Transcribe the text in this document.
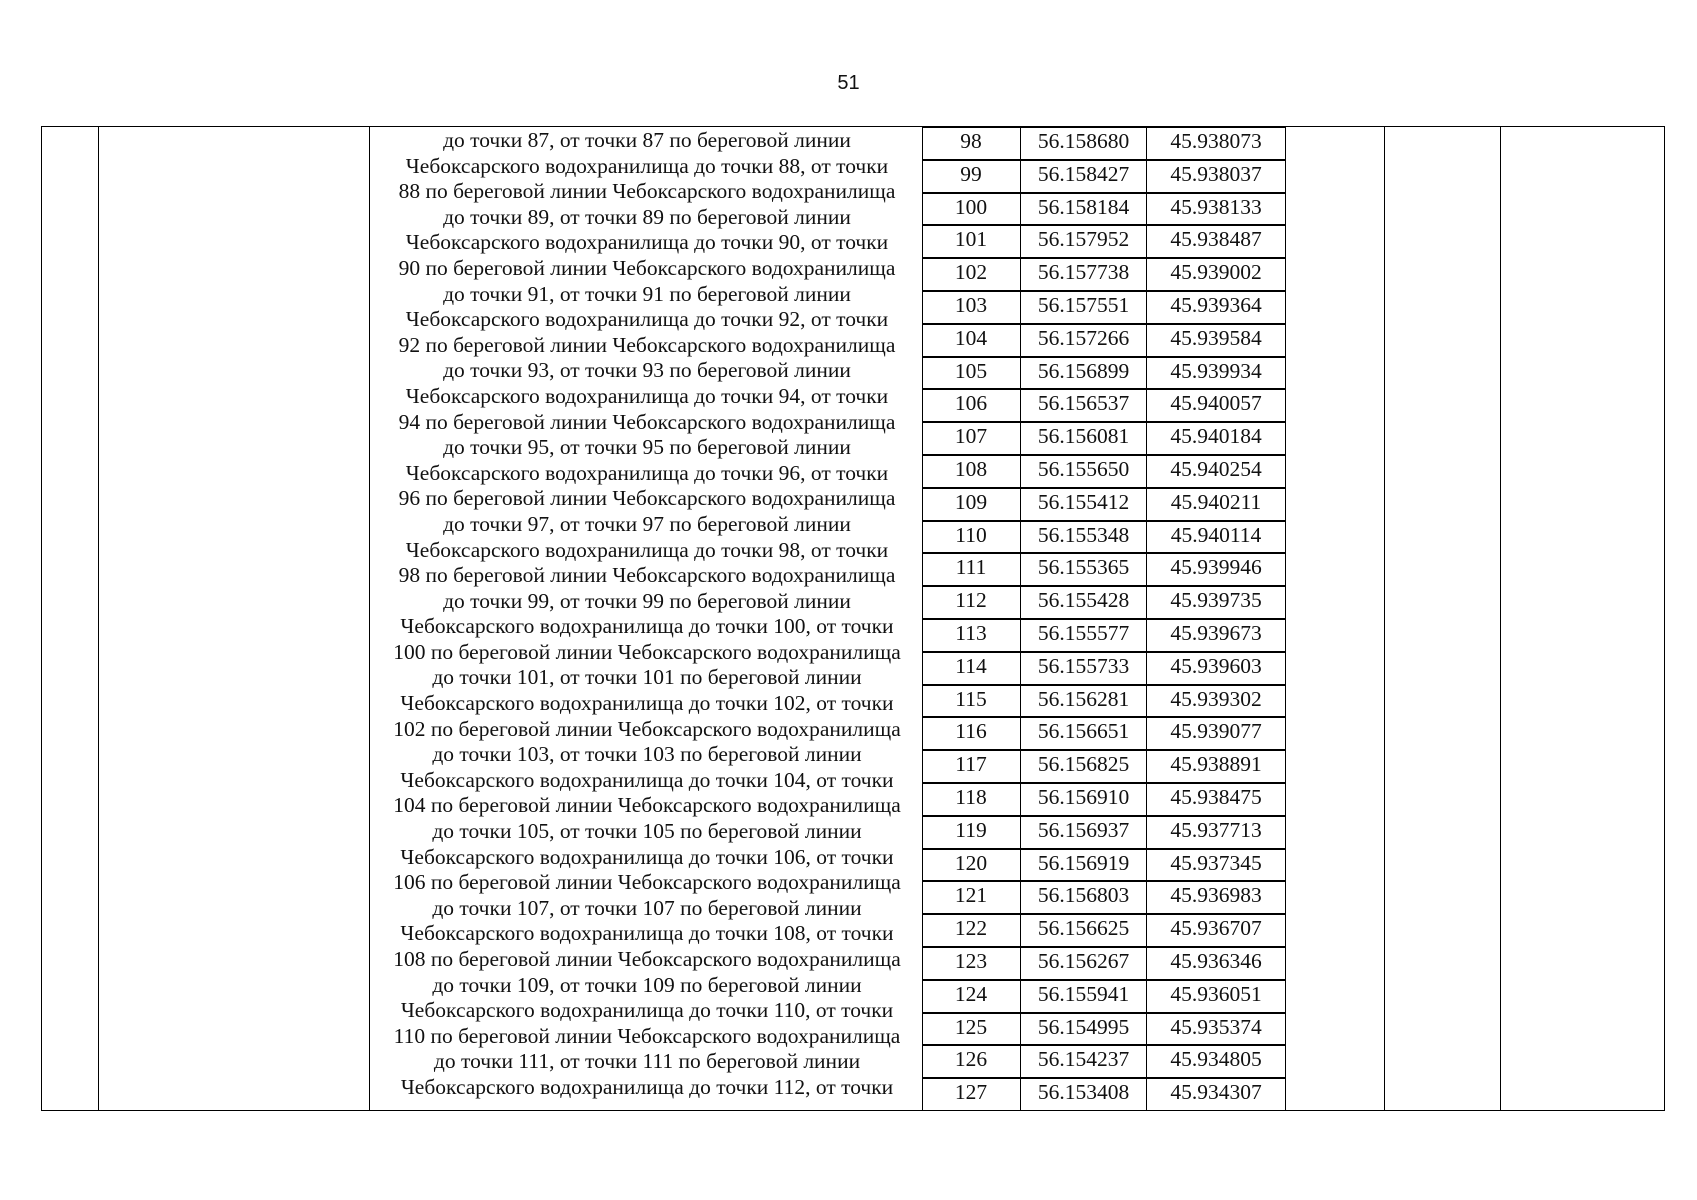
51
до точки 87, от точки 87 по береговой линии
Чебоксарского водохранилища до точки 88, от точки
88 по береговой линии Чебоксарского водохранилища
до точки 89, от точки 89 по береговой линии
Чебоксарского водохранилища до точки 90, от точки
90 по береговой линии Чебоксарского водохранилища
до точки 91, от точки 91 по береговой линии
Чебоксарского водохранилища до точки 92, от точки
92 по береговой линии Чебоксарского водохранилища
до точки 93, от точки 93 по береговой линии
Чебоксарского водохранилища до точки 94, от точки
94 по береговой линии Чебоксарского водохранилища
до точки 95, от точки 95 по береговой линии
Чебоксарского водохранилища до точки 96, от точки
96 по береговой линии Чебоксарского водохранилища
до точки 97, от точки 97 по береговой линии
Чебоксарского водохранилища до точки 98, от точки
98 по береговой линии Чебоксарского водохранилища
до точки 99, от точки 99 по береговой линии
Чебоксарского водохранилища до точки 100, от точки
100 по береговой линии Чебоксарского водохранилища
до точки 101, от точки 101 по береговой линии
Чебоксарского водохранилища до точки 102, от точки
102 по береговой линии Чебоксарского водохранилища
до точки 103, от точки 103 по береговой линии
Чебоксарского водохранилища до точки 104, от точки
104 по береговой линии Чебоксарского водохранилища
до точки 105, от точки 105 по береговой линии
Чебоксарского водохранилища до точки 106, от точки
106 по береговой линии Чебоксарского водохранилища
до точки 107, от точки 107 по береговой линии
Чебоксарского водохранилища до точки 108, от точки
108 по береговой линии Чебоксарского водохранилища
до точки 109, от точки 109 по береговой линии
Чебоксарского водохранилища до точки 110, от точки
110 по береговой линии Чебоксарского водохранилища
до точки 111, от точки 111 по береговой линии
Чебоксарского водохранилища до точки 112, от точки
98	56.158680	45.938073
99	56.158427	45.938037
100	56.158184	45.938133
101	56.157952	45.938487
102	56.157738	45.939002
103	56.157551	45.939364
104	56.157266	45.939584
105	56.156899	45.939934
106	56.156537	45.940057
107	56.156081	45.940184
108	56.155650	45.940254
109	56.155412	45.940211
110	56.155348	45.940114
111	56.155365	45.939946
112	56.155428	45.939735
113	56.155577	45.939673
114	56.155733	45.939603
115	56.156281	45.939302
116	56.156651	45.939077
117	56.156825	45.938891
118	56.156910	45.938475
119	56.156937	45.937713
120	56.156919	45.937345
121	56.156803	45.936983
122	56.156625	45.936707
123	56.156267	45.936346
124	56.155941	45.936051
125	56.154995	45.935374
126	56.154237	45.934805
127	56.153408	45.934307
